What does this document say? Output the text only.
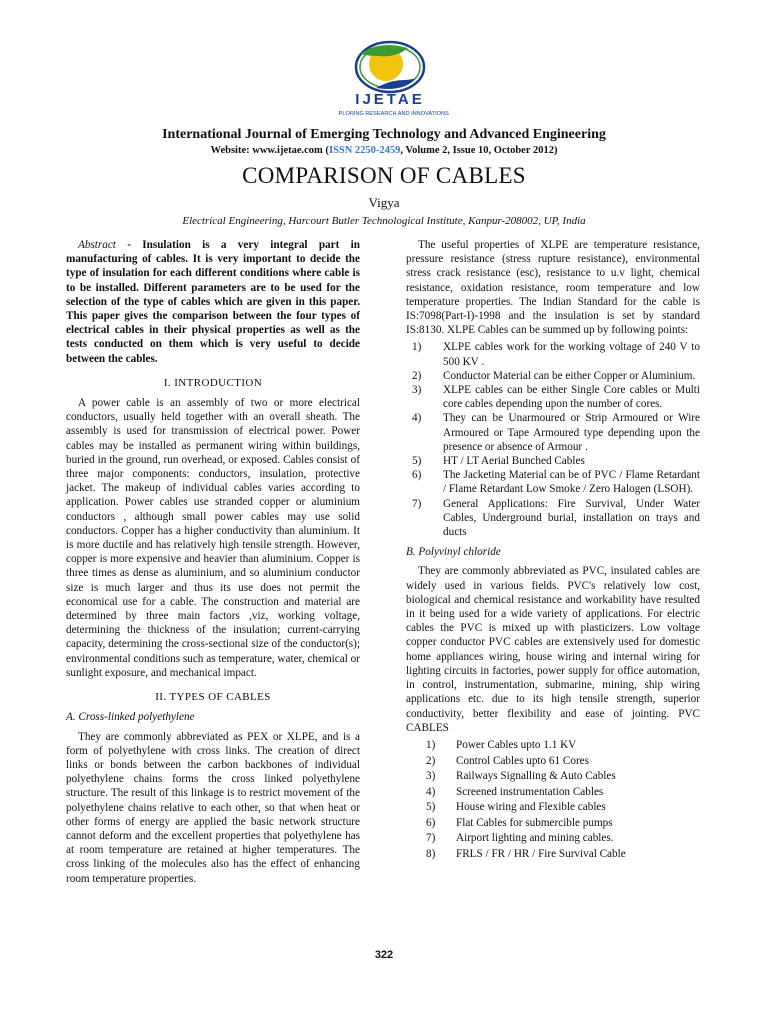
IJETAE
EXPLORING RESEARCH AND INNOVATIONS
International Journal of Emerging Technology and Advanced Engineering
Website: www.ijetae.com (ISSN 2250-2459, Volume 2, Issue 10, October 2012)
COMPARISON OF CABLES
Vigya
Electrical Engineering, Harcourt Butler Technological Institute, Kanpur-208002, UP, India

Abstract - Insulation is a very integral part in manufacturing of cables. It is very important to decide the type of insulation for each different conditions where cable is to be installed. Different parameters are to be used for the selection of the type of cables which are given in this paper. This paper gives the comparison between the four types of electrical cables in their physical properties as well as the tests conducted on them which is very useful to decide between the cables.

I. INTRODUCTION

A power cable is an assembly of two or more electrical conductors, usually held together with an overall sheath. The assembly is used for transmission of electrical power. Power cables may be installed as permanent wiring within buildings, buried in the ground, run overhead, or exposed. Cables consist of three major components: conductors, insulation, protective jacket. The makeup of individual cables varies according to application. Power cables use stranded copper or aluminium conductors , although small power cables may use solid conductors. Copper has a higher conductivity than aluminium. It is more ductile and has relatively high tensile strength. However, copper is more expensive and heavier than aluminium. Copper is three times as dense as aluminium, and so aluminium conductor size is much larger and thus its use does not permit the economical use for a cable. The construction and material are determined by three main factors ,viz, working voltage, determining the thickness of the insulation; current-carrying capacity, determining the cross-sectional size of the conductor(s); environmental conditions such as temperature, water, chemical or sunlight exposure, and mechanical impact.

II. TYPES OF CABLES
A. Cross-linked polyethylene

They are commonly abbreviated as PEX or XLPE, and is a form of polyethylene with cross links. The creation of direct links or bonds between the carbon backbones of individual polyethylene chains forms the cross linked polyethylene structure. The result of this linkage is to restrict movement of the polyethylene chains relative to each other, so that when heat or other forms of energy are applied the basic network structure cannot deform and the excellent properties that polyethylene has at room temperature are retained at higher temperatures. The cross linking of the molecules also has the effect of enhancing room temperature properties.

The useful properties of XLPE are temperature resistance, pressure resistance (stress rupture resistance), environmental stress crack resistance (esc), resistance to u.v light, chemical resistance, oxidation resistance, room temperature and low temperature properties. The Indian Standard for the cable is IS:7098(Part-I)-1998 and the insulation is set by standard IS:8130. XLPE Cables can be summed up by following points:

1)	XLPE cables work for the working voltage of 240 V to 500 KV .
2)	Conductor Material can be either Copper or Aluminium.
3)	XLPE cables can be either Single Core cables or Multi core cables depending upon the number of cores.
4)	They can be Unarmoured or Strip Armoured or Wire Armoured or Tape Armoured type depending upon the presence or absence of Armour .
5)	HT / LT Aerial Bunched Cables
6)	The Jacketing Material can be of PVC / Flame Retardant / Flame Retardant Low Smoke / Zero Halogen (LSOH).
7)	General Applications: Fire Survival, Under Water Cables, Underground burial, installation on trays and ducts
B. Polyvinyl chloride

They are commonly abbreviated as PVC, insulated cables are widely used in various fields. PVC's relatively low cost, biological and chemical resistance and workability have resulted in it being used for a wide variety of applications. For electric cables the PVC is mixed up with plasticizers. Low voltage copper conductor PVC cables are extensively used for domestic home appliances wiring, house wiring and internal wiring for lighting circuits in factories, power supply for office automation, in control, instrumentation, submarine, mining, ship wiring applications etc. due to its high tensile strength, superior conductivity, better flexibility and ease of jointing. PVC CABLES

1)	Power Cables upto 1.1 KV
2)	Control Cables upto 61 Cores
3)	Railways Signalling & Auto Cables
4)	Screened instrumentation Cables
5)	House wiring and Flexible cables
6)	Flat Cables for submercible pumps
7)	Airport lighting and mining cables.
8)	FRLS / FR / HR / Fire Survival Cable
322
